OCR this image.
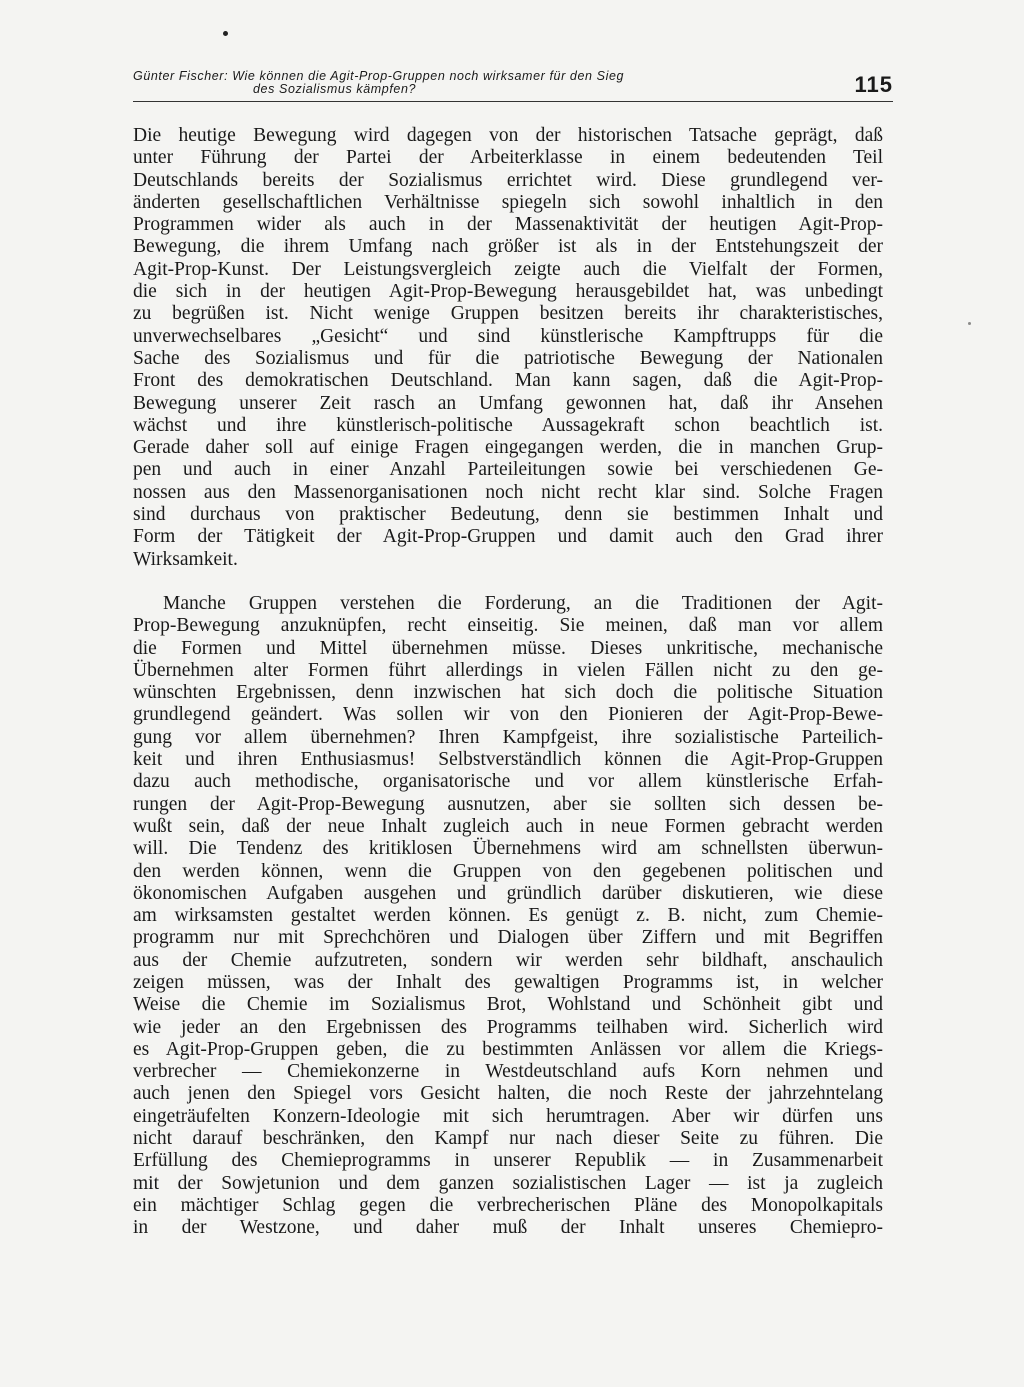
Günter Fischer: Wie können die Agit-Prop-Gruppen noch wirksamer für den Sieg
des Sozialismus kämpfen?	115

Die heutige Bewegung wird dagegen von der historischen Tatsache geprägt, daß
unter Führung der Partei der Arbeiterklasse in einem bedeutenden Teil
Deutschlands bereits der Sozialismus errichtet wird. Diese grundlegend ver-
änderten gesellschaftlichen Verhältnisse spiegeln sich sowohl inhaltlich in den
Programmen wider als auch in der Massenaktivität der heutigen Agit-Prop-
Bewegung, die ihrem Umfang nach größer ist als in der Entstehungszeit der
Agit-Prop-Kunst. Der Leistungsvergleich zeigte auch die Vielfalt der Formen,
die sich in der heutigen Agit-Prop-Bewegung herausgebildet hat, was unbedingt
zu begrüßen ist. Nicht wenige Gruppen besitzen bereits ihr charakteristisches,
unverwechselbares „Gesicht“ und sind künstlerische Kampftrupps für die
Sache des Sozialismus und für die patriotische Bewegung der Nationalen
Front des demokratischen Deutschland. Man kann sagen, daß die Agit-Prop-
Bewegung unserer Zeit rasch an Umfang gewonnen hat, daß ihr Ansehen
wächst und ihre künstlerisch-politische Aussagekraft schon beachtlich ist.
Gerade daher soll auf einige Fragen eingegangen werden, die in manchen Grup-
pen und auch in einer Anzahl Parteileitungen sowie bei verschiedenen Ge-
nossen aus den Massenorganisationen noch nicht recht klar sind. Solche Fragen
sind durchaus von praktischer Bedeutung, denn sie bestimmen Inhalt und
Form der Tätigkeit der Agit-Prop-Gruppen und damit auch den Grad ihrer
Wirksamkeit.

Manche Gruppen verstehen die Forderung, an die Traditionen der Agit-
Prop-Bewegung anzuknüpfen, recht einseitig. Sie meinen, daß man vor allem
die Formen und Mittel übernehmen müsse. Dieses unkritische, mechanische
Übernehmen alter Formen führt allerdings in vielen Fällen nicht zu den ge-
wünschten Ergebnissen, denn inzwischen hat sich doch die politische Situation
grundlegend geändert. Was sollen wir von den Pionieren der Agit-Prop-Bewe-
gung vor allem übernehmen? Ihren Kampfgeist, ihre sozialistische Parteilich-
keit und ihren Enthusiasmus! Selbstverständlich können die Agit-Prop-Gruppen
dazu auch methodische, organisatorische und vor allem künstlerische Erfah-
rungen der Agit-Prop-Bewegung ausnutzen, aber sie sollten sich dessen be-
wußt sein, daß der neue Inhalt zugleich auch in neue Formen gebracht werden
will. Die Tendenz des kritiklosen Übernehmens wird am schnellsten überwun-
den werden können, wenn die Gruppen von den gegebenen politischen und
ökonomischen Aufgaben ausgehen und gründlich darüber diskutieren, wie diese
am wirksamsten gestaltet werden können. Es genügt z. B. nicht, zum Chemie-
programm nur mit Sprechchören und Dialogen über Ziffern und mit Begriffen
aus der Chemie aufzutreten, sondern wir werden sehr bildhaft, anschaulich
zeigen müssen, was der Inhalt des gewaltigen Programms ist, in welcher
Weise die Chemie im Sozialismus Brot, Wohlstand und Schönheit gibt und
wie jeder an den Ergebnissen des Programms teilhaben wird. Sicherlich wird
es Agit-Prop-Gruppen geben, die zu bestimmten Anlässen vor allem die Kriegs-
verbrecher — Chemiekonzerne in Westdeutschland aufs Korn nehmen und
auch jenen den Spiegel vors Gesicht halten, die noch Reste der jahrzehntelang
eingeträufelten Konzern-Ideologie mit sich herumtragen. Aber wir dürfen uns
nicht darauf beschränken, den Kampf nur nach dieser Seite zu führen. Die
Erfüllung des Chemieprogramms in unserer Republik — in Zusammenarbeit
mit der Sowjetunion und dem ganzen sozialistischen Lager — ist ja zugleich
ein mächtiger Schlag gegen die verbrecherischen Pläne des Monopolkapitals
in der Westzone, und daher muß der Inhalt unseres Chemiepro-
